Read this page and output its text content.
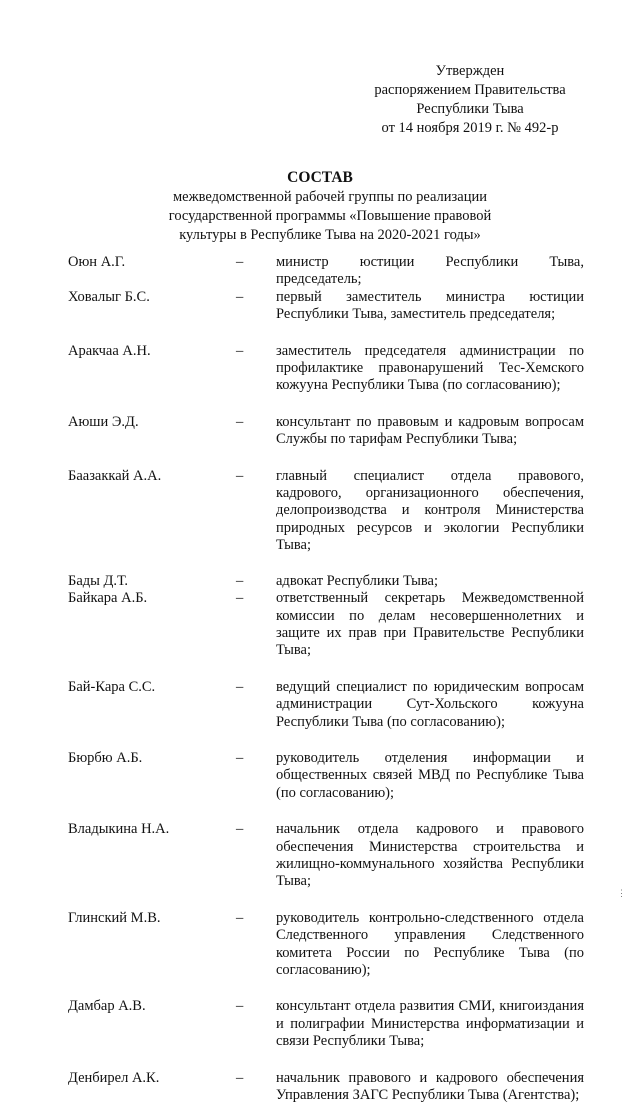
Утвержден
распоряжением Правительства
Республики Тыва
от 14 ноября 2019 г. № 492-р
СОСТАВ
межведомственной рабочей группы по реализации
государственной программы «Повышение правовой
культуры в Республике Тыва на 2020-2021 годы»
Оюн А.Г.	– министр юстиции Республики Тыва, председатель;
Ховалыг Б.С.	– первый заместитель министра юстиции Республики Тыва, заместитель председателя;
Аракчаа А.Н.	– заместитель председателя администрации по профилактике правонарушений Тес-Хемского кожууна Республики Тыва (по согласованию);
Аюши Э.Д.	– консультант по правовым и кадровым вопросам Службы по тарифам Республики Тыва;
Баазаккай А.А.	– главный специалист отдела правового, кадрового, организационного обеспечения, делопроизводства и контроля Министерства природных ресурсов и экологии Республики Тыва;
Бады Д.Т.	– адвокат Республики Тыва;
Байкара А.Б.	– ответственный секретарь Межведомственной комиссии по делам несовершеннолетних и защите их прав при Правительстве Республики Тыва;
Бай-Кара С.С.	– ведущий специалист по юридическим вопросам администрации Сут-Хольского кожууна Республики Тыва (по согласованию);
Бюрбю А.Б.	– руководитель отделения информации и общественных связей МВД по Республике Тыва (по согласованию);
Владыкина Н.А.	– начальник отдела кадрового и правового обеспечения Министерства строительства и жилищно-коммунального хозяйства Республики Тыва;
Глинский М.В.	– руководитель контрольно-следственного отдела Следственного управления Следственного комитета России по Республике Тыва (по согласованию);
Дамбар А.В.	– консультант отдела развития СМИ, книгоиздания и полиграфии Министерства информатизации и связи Республики Тыва;
Денбирел А.К.	– начальник правового и кадрового обеспечения Управления ЗАГС Республики Тыва (Агентства);
⋮
